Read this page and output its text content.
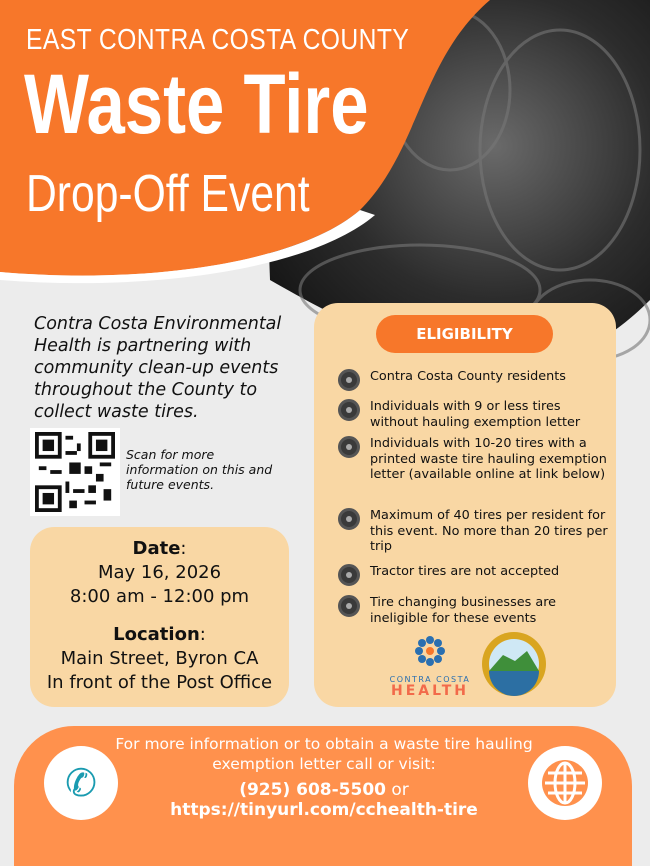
EAST CONTRA COSTA COUNTY
Waste Tire
Drop-Off Event
Contra Costa Environmental Health is partnering with community clean-up events throughout the County to collect waste tires.
Scan for more information on this and future events.
Date:
May 16, 2026
8:00 am - 12:00 pm
Location:
Main Street, Byron CA
In front of the Post Office
ELIGIBILITY
Contra Costa County residents
Individuals with 9 or less tires without hauling exemption letter
Individuals with 10-20 tires with a printed waste tire hauling exemption letter (available online at link below)
Maximum of 40 tires per resident for this event. No more than 20 tires per trip
Tractor tires are not accepted
Tire changing businesses are ineligible for these events
CONTRA COSTA
HEALTH
✆
For more information or to obtain a waste tire hauling exemption letter call or visit:
(925) 608-5500 or
https://tinyurl.com/cchealth-tire
